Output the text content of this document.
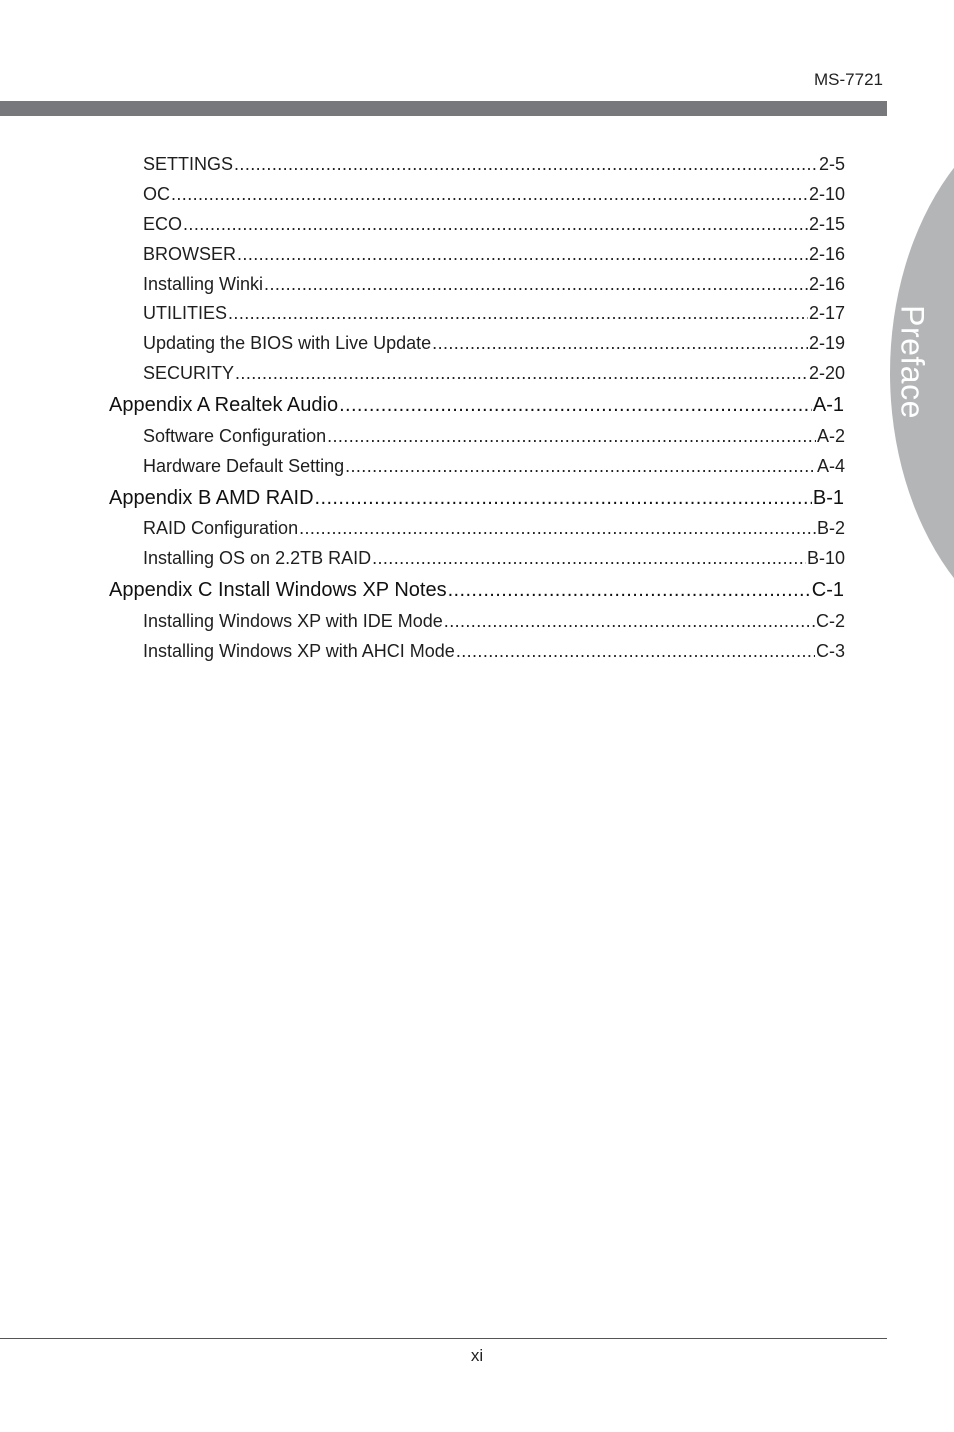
MS-7721
Preface
SETTINGS .....	2-5
OC .....	2-10
ECO .....	2-15
BROWSER .....	2-16
Installing Winki .....	2-16
UTILITIES .....	2-17
Updating the BIOS with Live Update .....	2-19
SECURITY .....	2-20
Appendix A Realtek Audio .....	A-1
Software Configuration .....	A-2
Hardware Default Setting .....	A-4
Appendix B AMD RAID .....	B-1
RAID Configuration .....	B-2
Installing OS on 2.2TB RAID .....	B-10
Appendix C Install Windows XP Notes .....	C-1
Installing Windows XP with IDE Mode .....	C-2
Installing Windows XP with AHCI Mode .....	C-3
xi
